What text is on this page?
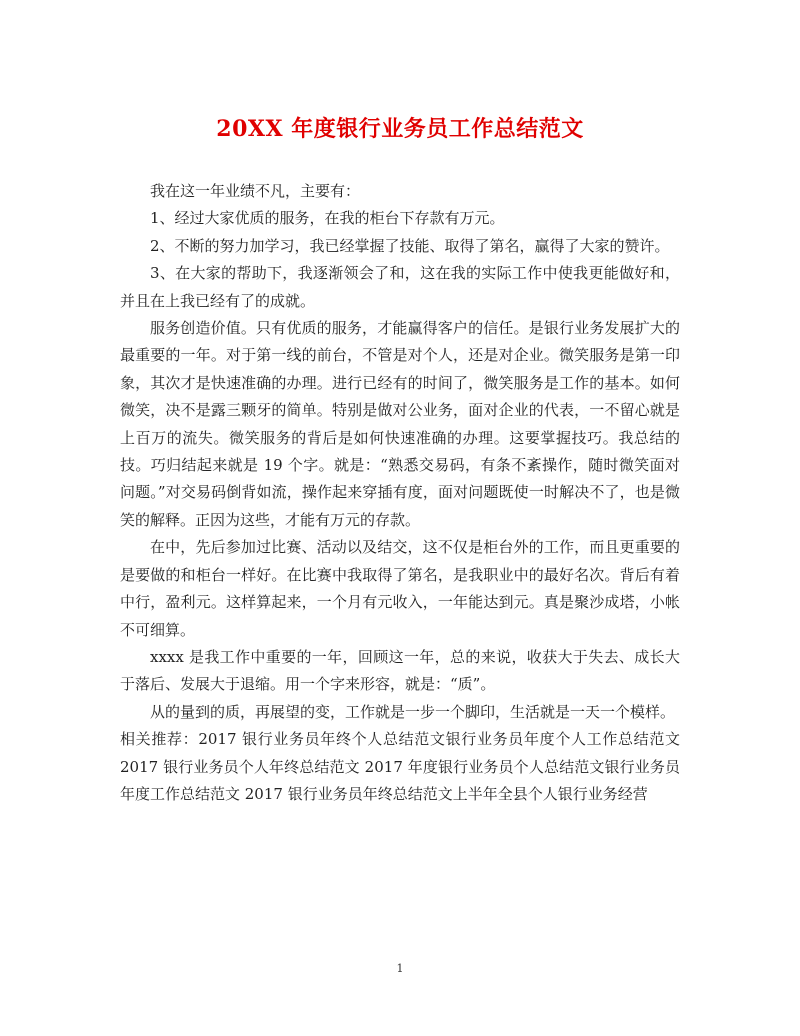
20XX 年度银行业务员工作总结范文

我在这一年业绩不凡，主要有：

1、经过大家优质的服务，在我的柜台下存款有万元。

2、不断的努力加学习，我已经掌握了技能、取得了第名，赢得了大家的赞许。

3、在大家的帮助下，我逐渐领会了和，这在我的实际工作中使我更能做好和，并且在上我已经有了的成就。

服务创造价值。只有优质的服务，才能赢得客户的信任。是银行业务发展扩大的最重要的一年。对于第一线的前台，不管是对个人，还是对企业。微笑服务是第一印象，其次才是快速准确的办理。进行已经有的时间了，微笑服务是工作的基本。如何微笑，决不是露三颗牙的简单。特别是做对公业务，面对企业的代表，一不留心就是上百万的流失。微笑服务的背后是如何快速准确的办理。这要掌握技巧。我总结的技。巧归结起来就是 19 个字。就是：“熟悉交易码，有条不紊操作，随时微笑面对问题。”对交易码倒背如流，操作起来穿插有度，面对问题既使一时解决不了，也是微笑的解释。正因为这些，才能有万元的存款。

在中，先后参加过比赛、活动以及结交，这不仅是柜台外的工作，而且更重要的是要做的和柜台一样好。在比赛中我取得了第名，是我职业中的最好名次。背后有着中行，盈利元。这样算起来，一个月有元收入，一年能达到元。真是聚沙成塔，小帐不可细算。

xxxx 是我工作中重要的一年，回顾这一年，总的来说，收获大于失去、成长大于落后、发展大于退缩。用一个字来形容，就是：“质”。

从的量到的质，再展望的变，工作就是一步一个脚印，生活就是一天一个模样。

相关推荐：2017 银行业务员年终个人总结范文银行业务员年度个人工作总结范文 2017 银行业务员个人年终总结范文 2017 年度银行业务员个人总结范文银行业务员年度工作总结范文 2017 银行业务员年终总结范文上半年全县个人银行业务经营

1
